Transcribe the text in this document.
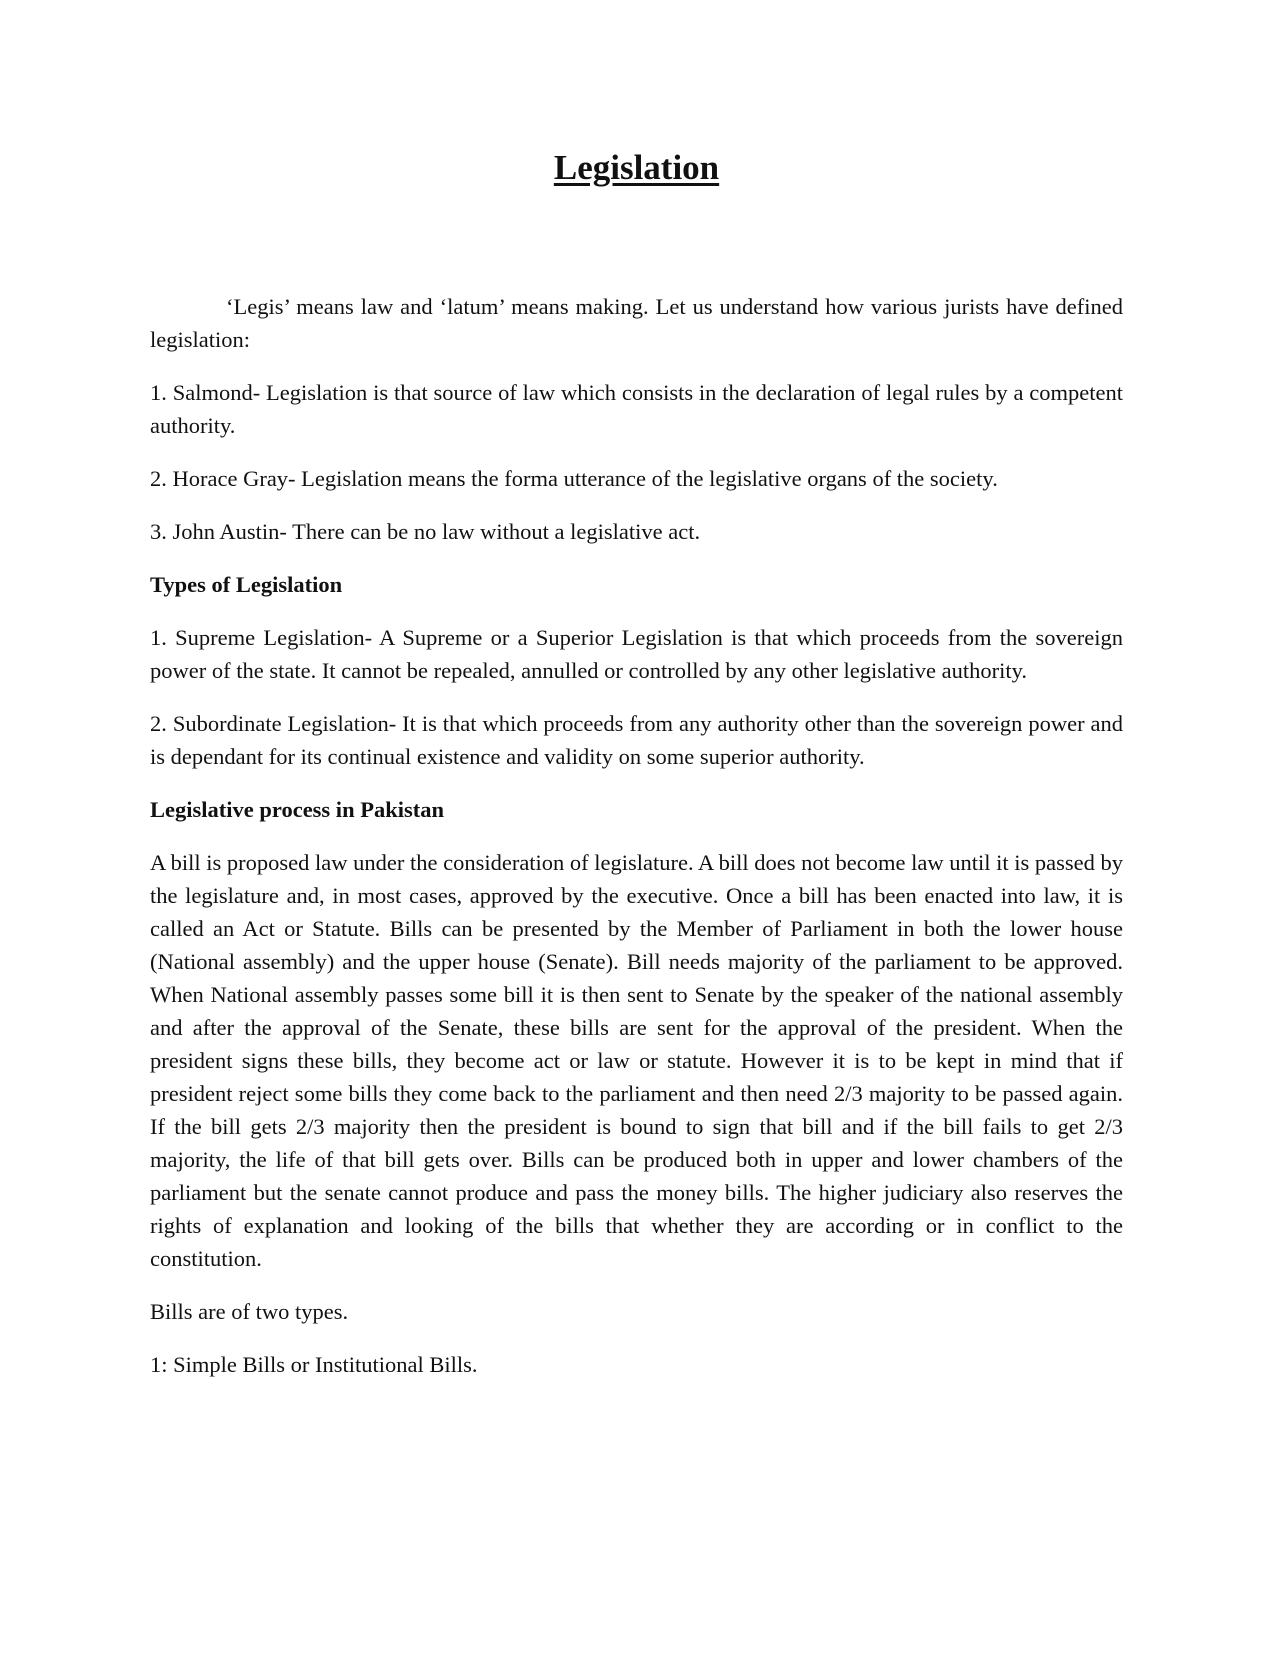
Legislation

‘Legis’ means law and ‘latum’ means making. Let us understand how various jurists have defined legislation:

1. Salmond- Legislation is that source of law which consists in the declaration of legal rules by a competent authority.

2. Horace Gray- Legislation means the forma utterance of the legislative organs of the society.

3. John Austin- There can be no law without a legislative act.

Types of Legislation

1. Supreme Legislation- A Supreme or a Superior Legislation is that which proceeds from the sovereign power of the state. It cannot be repealed, annulled or controlled by any other legislative authority.

2. Subordinate Legislation- It is that which proceeds from any authority other than the sovereign power and is dependant for its continual existence and validity on some superior authority.

Legislative process in Pakistan

A bill is proposed law under the consideration of legislature. A bill does not become law until it is passed by the legislature and, in most cases, approved by the executive. Once a bill has been enacted into law, it is called an Act or Statute. Bills can be presented by the Member of Parliament in both the lower house (National assembly) and the upper house (Senate). Bill needs majority of the parliament to be approved. When National assembly passes some bill it is then sent to Senate by the speaker of the national assembly and after the approval of the Senate, these bills are sent for the approval of the president. When the president signs these bills, they become act or law or statute. However it is to be kept in mind that if president reject some bills they come back to the parliament and then need 2/3 majority to be passed again. If the bill gets 2/3 majority then the president is bound to sign that bill and if the bill fails to get 2/3 majority, the life of that bill gets over. Bills can be produced both in upper and lower chambers of the parliament but the senate cannot produce and pass the money bills. The higher judiciary also reserves the rights of explanation and looking of the bills that whether they are according or in conflict to the constitution.

Bills are of two types.

1: Simple Bills or Institutional Bills.
